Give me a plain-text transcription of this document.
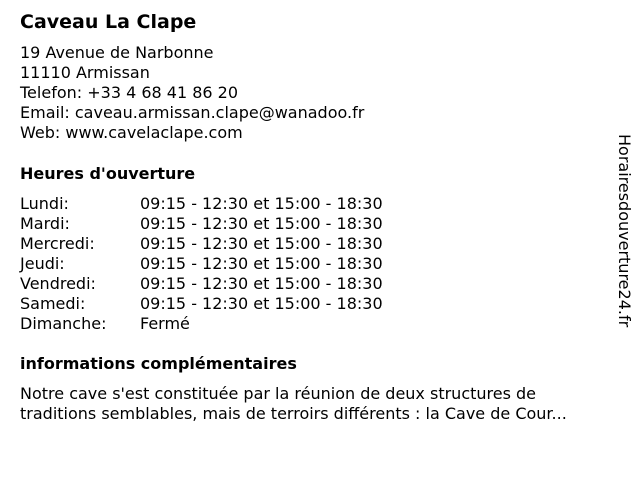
Caveau La Clape
19 Avenue de Narbonne
11110 Armissan
Telefon: +33 4 68 41 86 20
Email: caveau.armissan.clape@wanadoo.fr
Web: www.cavelaclape.com
Heures d'ouverture
Lundi:	09:15 - 12:30 et 15:00 - 18:30
Mardi:	09:15 - 12:30 et 15:00 - 18:30
Mercredi:	09:15 - 12:30 et 15:00 - 18:30
Jeudi:	09:15 - 12:30 et 15:00 - 18:30
Vendredi:	09:15 - 12:30 et 15:00 - 18:30
Samedi:	09:15 - 12:30 et 15:00 - 18:30
Dimanche:	Fermé
informations complémentaires
Notre cave s'est constituée par la réunion de deux structures de
traditions semblables, mais de terroirs différents : la Cave de Cour...
Horairesdouverture24.fr
